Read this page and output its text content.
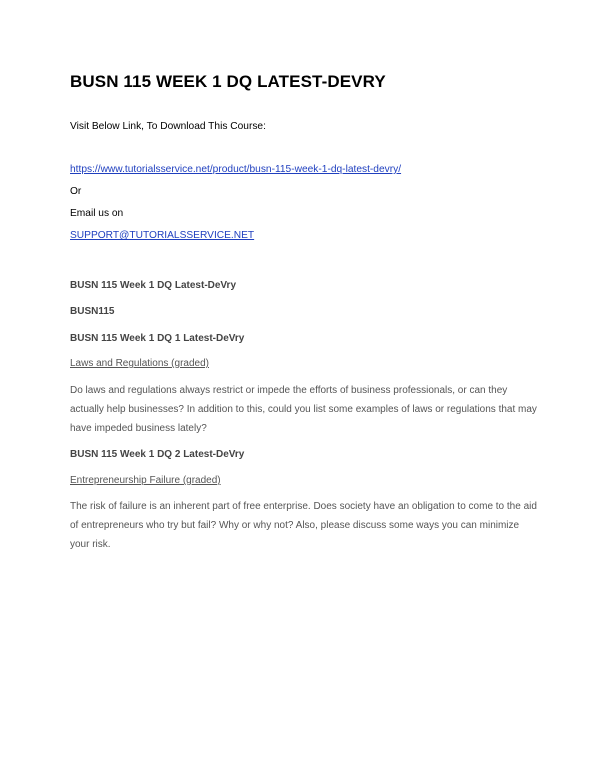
BUSN 115 WEEK 1 DQ LATEST-DEVRY

Visit Below Link, To Download This Course:

https://www.tutorialsservice.net/product/busn-115-week-1-dq-latest-devry/

Or

Email us on

SUPPORT@TUTORIALSSERVICE.NET

BUSN 115 Week 1 DQ Latest-DeVry

BUSN115

BUSN 115 Week 1 DQ 1 Latest-DeVry

Laws and Regulations (graded)

Do laws and regulations always restrict or impede the efforts of business professionals, or can they actually help businesses? In addition to this, could you list some examples of laws or regulations that may have impeded business lately?

BUSN 115 Week 1 DQ 2 Latest-DeVry

Entrepreneurship Failure (graded)

The risk of failure is an inherent part of free enterprise. Does society have an obligation to come to the aid of entrepreneurs who try but fail? Why or why not? Also, please discuss some ways you can minimize your risk.
